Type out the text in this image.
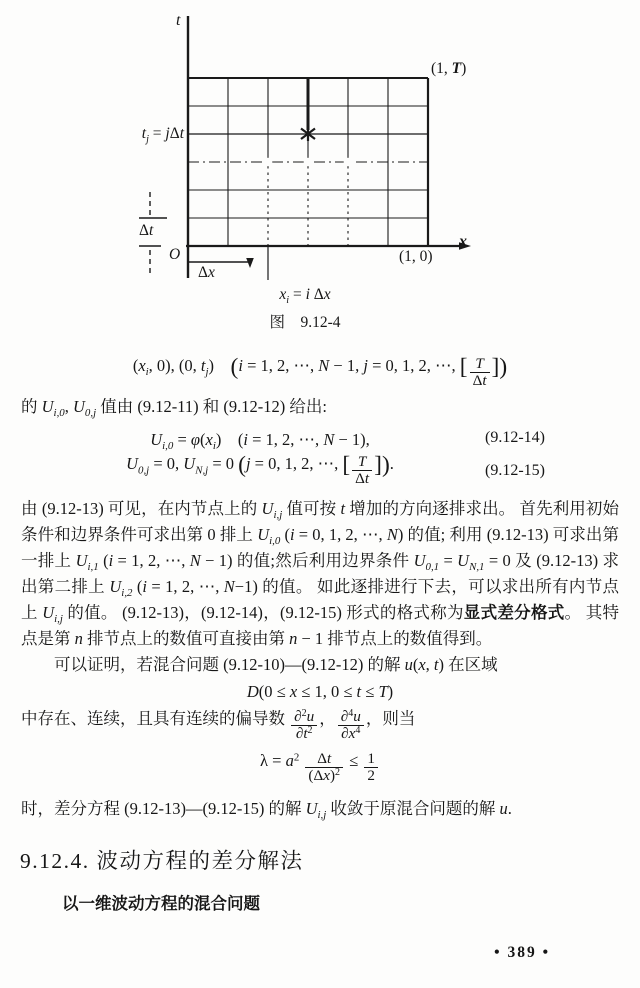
t
(1, T)
$t_j = j\Delta t$
Δt
O
Δx
(1, 0)
x
$x_i = i$ Δx
图　9.12-4
($x_i$, 0), (0, $t_j$)　(i = 1, 2, ⋯, N − 1, j = 0, 1, 2, ⋯, [ $\frac{T}{\Delta t}$ ])
的 $U_{i,0}$, $U_{0,j}$ 值由 (9.12-11) 和 (9.12-12) 给出:
$U_{i,0} = \varphi(x_i)$　(i = 1, 2, ⋯, N − 1),	(9.12-14)
$U_{0,j} = 0$, $U_{N,j} = 0$ (j = 0, 1, 2, ⋯, [ $\frac{T}{\Delta t}$ ]).	(9.12-15)
由 (9.12-13) 可见，在内节点上的 $U_{i,j}$ 值可按 t 增加的方向逐排求出。 首先利用初始条件和边界条件可求出第 0 排上 $U_{i,0}$ (i = 0, 1, 2, ⋯, N) 的值; 利用 (9.12-13) 可求出第一排上 $U_{i,1}$ (i = 1, 2, ⋯, N − 1) 的值;然后利用边界条件 $U_{0,1} = U_{N,1} = 0$ 及 (9.12-13) 求出第二排上 $U_{i,2}$ (i = 1, 2, ⋯, N−1) 的值。 如此逐排进行下去，可以求出所有内节点上 $U_{i,j}$ 的值。 (9.12-13)，(9.12-14)，(9.12-15) 形式的格式称为显式差分格式。 其特点是第 n 排节点上的数值可直接由第 n − 1 排节点上的数值得到。
可以证明，若混合问题 (9.12-10)—(9.12-12) 的解 u(x, t) 在区域
D(0 ≤ x ≤ 1, 0 ≤ t ≤ T)
中存在、连续，且具有连续的偏导数 $\frac{\partial^2u}{\partial t^2}$ ， $\frac{\partial^4u}{\partial x^4}$ ，则当
$\lambda = a^2 \frac{\Delta t}{(\Delta x)^2} \le \frac{1}{2}$
时，差分方程 (9.12-13)—(9.12-15) 的解 $U_{i,j}$ 收敛于原混合问题的解 u.
9.12.4. 波动方程的差分解法
以一维波动方程的混合问题
• 389 •
